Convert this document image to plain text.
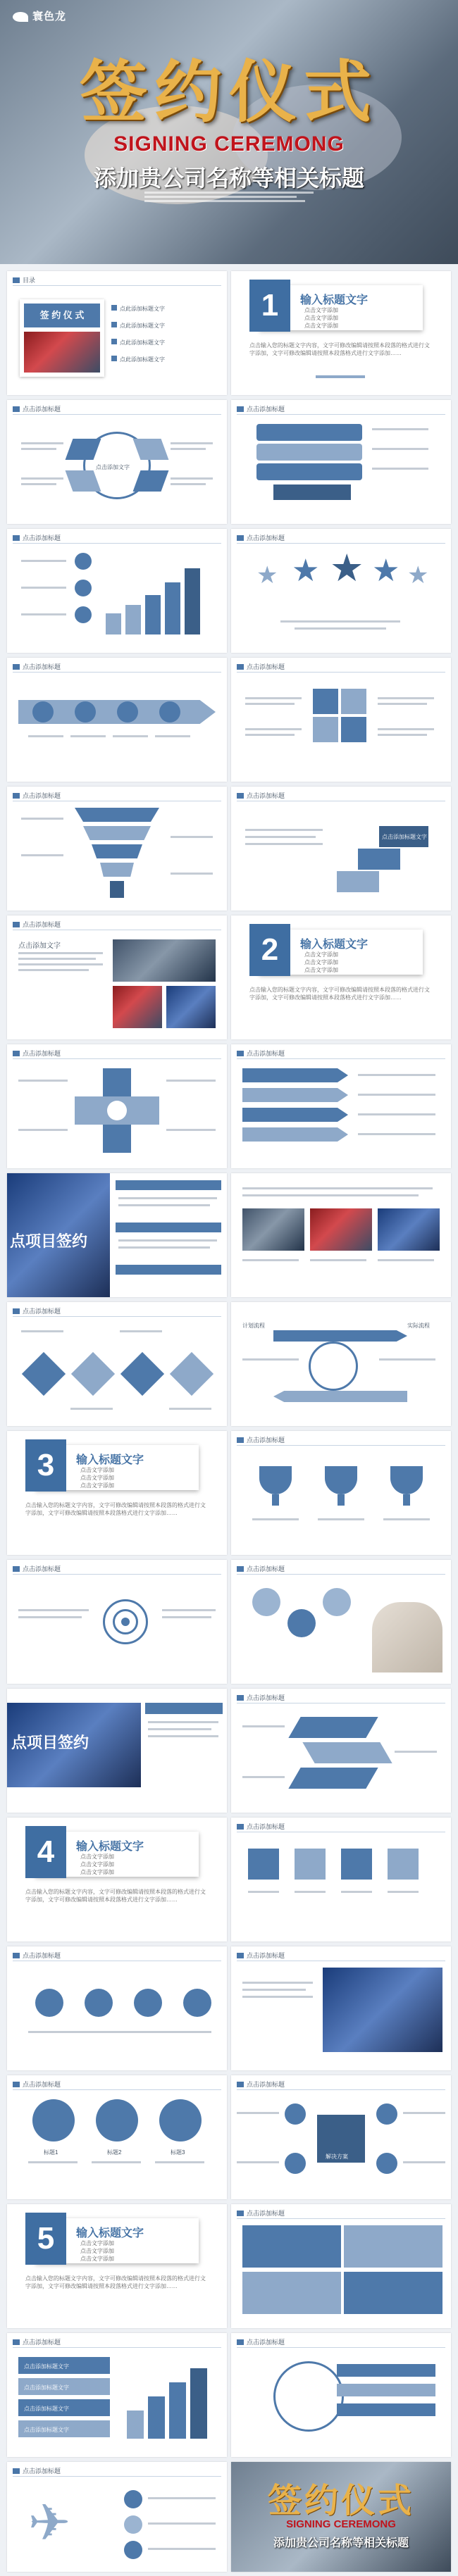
寰色龙
签约仪式
SIGNING CEREMONG
添加贵公司名称等相关标题
目录
签 约 仪 式
点此添加标题文字
点此添加标题文字
点此添加标题文字
点此添加标题文字
1	输入标题文字
点击文字添加
点击文字添加
点击文字添加
点击输入您的标题文字内容，文字可修改编辑请按照本段落的格式进行文字添加，文字可修改编辑请按照本段落格式进行文字添加……
点击添加标题
点击添加文字
点击添加标题
点击添加标题	点击添加标题
★ ★ ★ ★ ★
点击添加标题	点击添加标题
点击添加标题	点击添加标题
点击添加标题文字
点击添加标题
点击添加文字	2	输入标题文字
点击文字添加
点击文字添加
点击文字添加
点击输入您的标题文字内容，文字可修改编辑请按照本段落的格式进行文字添加，文字可修改编辑请按照本段落格式进行文字添加……
点击添加标题	点击添加标题
点项目签约
点击添加标题
计划流程	实际流程
3	输入标题文字
点击文字添加
点击文字添加
点击文字添加
点击输入您的标题文字内容，文字可修改编辑请按照本段落的格式进行文字添加，文字可修改编辑请按照本段落格式进行文字添加……
点击添加标题
点击添加标题	点击添加标题
点项目签约
点击添加标题
4	输入标题文字
点击文字添加
点击文字添加
点击文字添加
点击输入您的标题文字内容，文字可修改编辑请按照本段落的格式进行文字添加，文字可修改编辑请按照本段落格式进行文字添加……
点击添加标题
点击添加标题	点击添加标题
点击添加标题
标题1	标题2	标题3
点击添加标题
解决方案
5	输入标题文字
点击文字添加
点击文字添加
点击文字添加
点击输入您的标题文字内容，文字可修改编辑请按照本段落的格式进行文字添加，文字可修改编辑请按照本段落格式进行文字添加……
点击添加标题
点击添加标题
点击添加标题文字
点击添加标题文字
点击添加标题文字
点击添加标题文字
点击添加标题
点击添加标题
✈	签约仪式
SIGNING CEREMONG
添加贵公司名称等相关标题
